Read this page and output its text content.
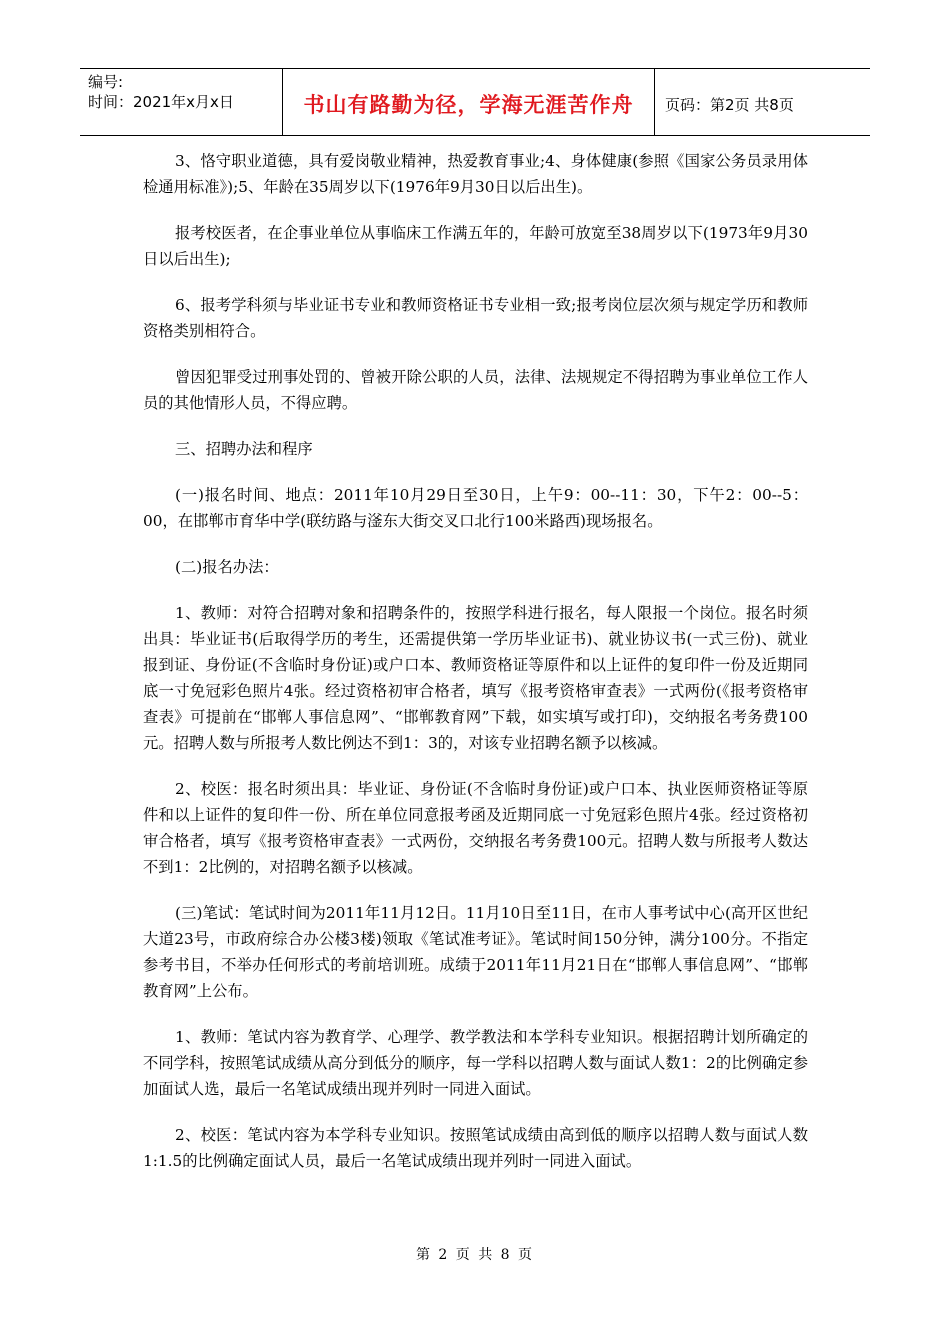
编号:
时间：2021年x月x日	书山有路勤为径，学海无涯苦作舟	页码：第2页 共8页

3、恪守职业道德，具有爱岗敬业精神，热爱教育事业;4、身体健康(参照《国家公务员录用体检通用标准》);5、年龄在35周岁以下(1976年9月30日以后出生)。

报考校医者，在企事业单位从事临床工作满五年的，年龄可放宽至38周岁以下(1973年9月30日以后出生);

6、报考学科须与毕业证书专业和教师资格证书专业相一致;报考岗位层次须与规定学历和教师资格类别相符合。

曾因犯罪受过刑事处罚的、曾被开除公职的人员，法律、法规规定不得招聘为事业单位工作人员的其他情形人员，不得应聘。

三、招聘办法和程序

(一)报名时间、地点：2011年10月29日至30日，上午9：00--11：30，下午2：00--5：00，在邯郸市育华中学(联纺路与滏东大街交叉口北行100米路西)现场报名。

(二)报名办法：

1、教师：对符合招聘对象和招聘条件的，按照学科进行报名，每人限报一个岗位。报名时须出具：毕业证书(后取得学历的考生，还需提供第一学历毕业证书)、就业协议书(一式三份)、就业报到证、身份证(不含临时身份证)或户口本、教师资格证等原件和以上证件的复印件一份及近期同底一寸免冠彩色照片4张。经过资格初审合格者，填写《报考资格审查表》一式两份(《报考资格审查表》可提前在“邯郸人事信息网”、“邯郸教育网”下载，如实填写或打印)，交纳报名考务费100元。招聘人数与所报考人数比例达不到1：3的，对该专业招聘名额予以核减。

2、校医：报名时须出具：毕业证、身份证(不含临时身份证)或户口本、执业医师资格证等原件和以上证件的复印件一份、所在单位同意报考函及近期同底一寸免冠彩色照片4张。经过资格初审合格者，填写《报考资格审查表》一式两份，交纳报名考务费100元。招聘人数与所报考人数达不到1：2比例的，对招聘名额予以核减。

(三)笔试：笔试时间为2011年11月12日。11月10日至11日，在市人事考试中心(高开区世纪大道23号，市政府综合办公楼3楼)领取《笔试准考证》。笔试时间150分钟，满分100分。不指定参考书目，不举办任何形式的考前培训班。成绩于2011年11月21日在“邯郸人事信息网”、“邯郸教育网”上公布。

1、教师：笔试内容为教育学、心理学、教学教法和本学科专业知识。根据招聘计划所确定的不同学科，按照笔试成绩从高分到低分的顺序，每一学科以招聘人数与面试人数1：2的比例确定参加面试人选，最后一名笔试成绩出现并列时一同进入面试。

2、校医：笔试内容为本学科专业知识。按照笔试成绩由高到低的顺序以招聘人数与面试人数1:1.5的比例确定面试人员，最后一名笔试成绩出现并列时一同进入面试。

第 2 页 共 8 页
